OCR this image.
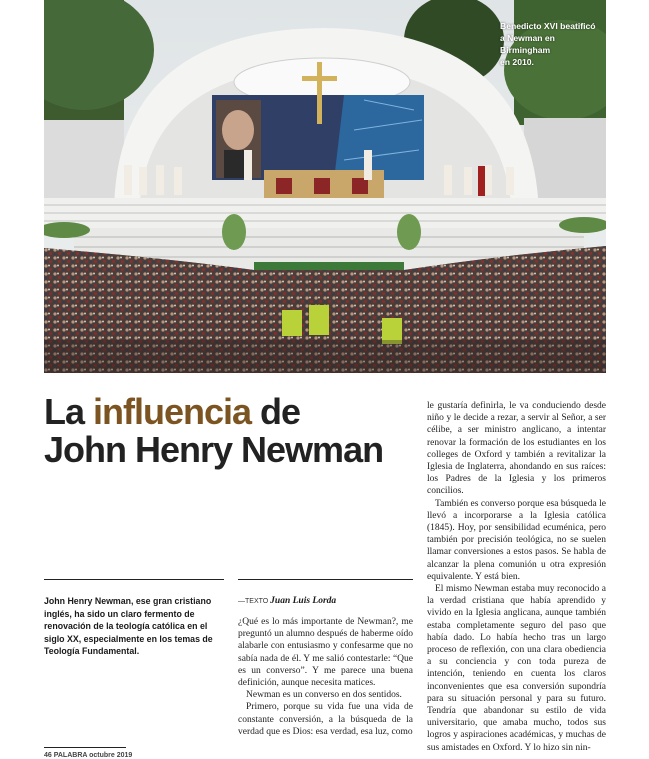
Benedicto XVI beatificó
a Newman en Birmingham
en 2010.
La influencia de
John Henry Newman

John Henry Newman, ese gran cristiano inglés, ha sido un claro fermento de renovación de la teología católica en el siglo XX, especialmente en los temas de Teología Fundamental.

—TEXTO Juan Luis Lorda

¿Qué es lo más importante de Newman?, me preguntó un alumno después de haberme oído alabarle con entusiasmo y confesarme que no sabía nada de él. Y me salió contestarle: “Que es un converso”. Y me parece una buena definición, aunque necesita matices.

Newman es un converso en dos sentidos.

Primero, porque su vida fue una vida de constante conversión, a la búsqueda de la verdad que es Dios: esa verdad, esa luz, como

le gustaría definirla, le va conduciendo desde niño y le decide a rezar, a servir al Señor, a ser célibe, a ser ministro anglicano, a intentar renovar la formación de los estudiantes en los colleges de Oxford y también a revitalizar la Iglesia de Inglaterra, ahondando en sus raíces: los Padres de la Iglesia y los primeros concilios.

También es converso porque esa búsqueda le llevó a incorporarse a la Iglesia católica (1845). Hoy, por sensibilidad ecuménica, pero también por precisión teológica, no se suelen llamar conversiones a estos pasos. Se habla de alcanzar la plena comunión u otra expresión equivalente. Y está bien.

El mismo Newman estaba muy reconocido a la verdad cristiana que había aprendido y vivido en la Iglesia anglicana, aunque también estaba completamente seguro del paso que había dado. Lo había hecho tras un largo proceso de reflexión, con una clara obediencia a su conciencia y con toda pureza de intención, teniendo en cuenta los claros inconvenientes que esa conversión supondría para su situación personal y para su futuro. Tendría que abandonar su estilo de vida universitario, que amaba mucho, todos sus logros y aspiraciones académicas, y muchas de sus amistades en Oxford. Y lo hizo sin nin-

46 PALABRA octubre 2019
